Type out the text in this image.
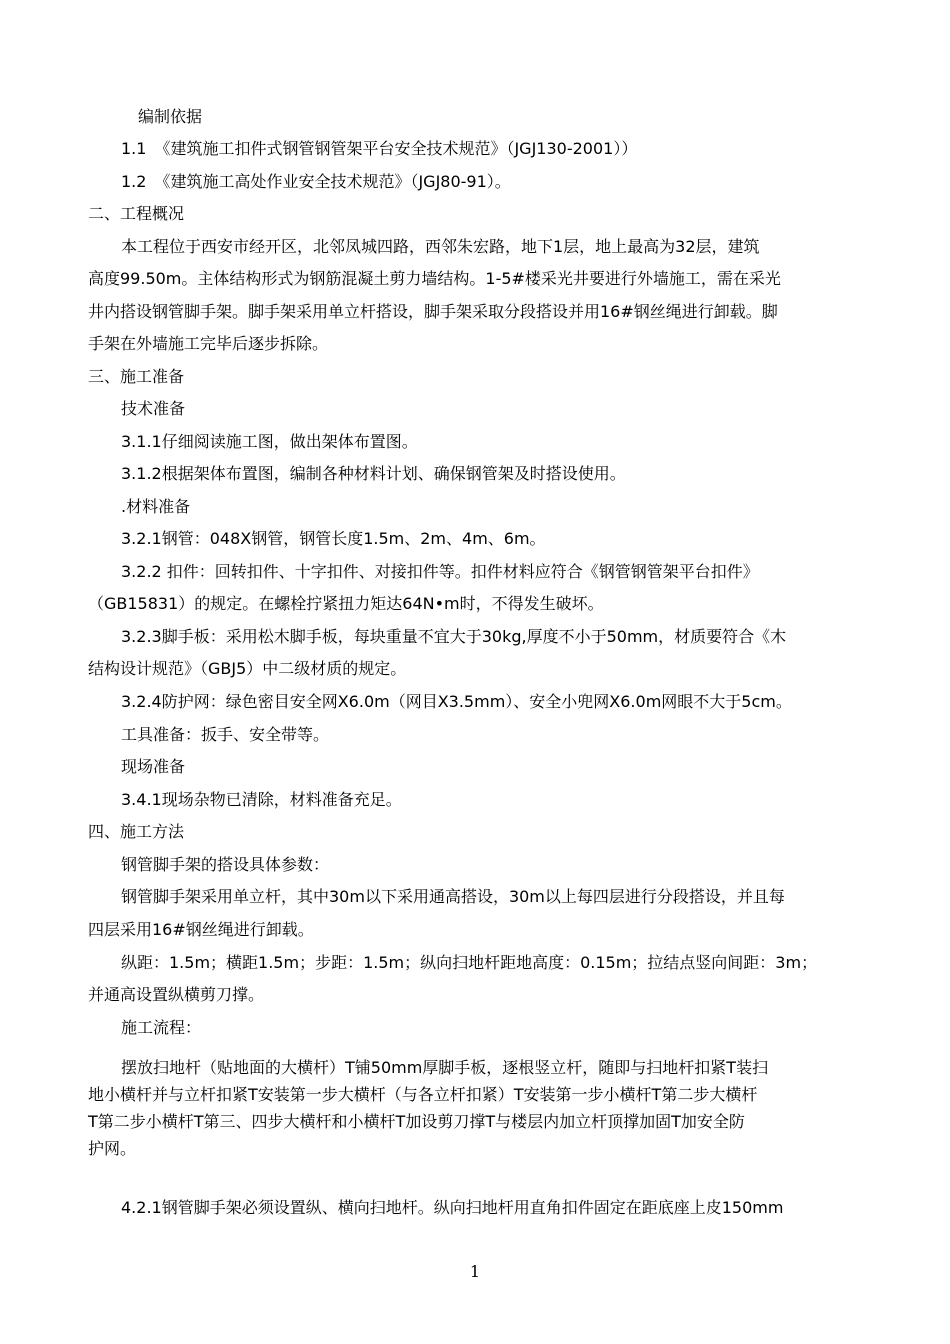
编制依据
1.1　《建筑施工扣件式钢管钢管架平台安全技术规范》（JGJ130-2001））
1.2　《建筑施工高处作业安全技术规范》（JGJ80-91）。
二、工程概况
本工程位于西安市经开区，北邻凤城四路，西邻朱宏路，地下1层，地上最高为32层，建筑
高度99.50m。主体结构形式为钢筋混凝土剪力墙结构。1-5#楼采光井要进行外墙施工，需在采光
井内搭设钢管脚手架。脚手架采用单立杆搭设，脚手架采取分段搭设并用16#钢丝绳进行卸载。脚
手架在外墙施工完毕后逐步拆除。
三、施工准备
技术准备
3.1.1仔细阅读施工图，做出架体布置图。
3.1.2根据架体布置图，编制各种材料计划、确保钢管架及时搭设使用。
.材料准备
3.2.1钢管：048X钢管，钢管长度1.5m、2m、4m、6m。
3.2.2 扣件：回转扣件、十字扣件、对接扣件等。扣件材料应符合《钢管钢管架平台扣件》
（GB15831）的规定。在螺栓拧紧扭力矩达64N•m时，不得发生破坏。
3.2.3脚手板：采用松木脚手板，每块重量不宜大于30kg,厚度不小于50mm，材质要符合《木
结构设计规范》（GBJ5）中二级材质的规定。
3.2.4防护网：绿色密目安全网X6.0m（网目X3.5mm）、安全小兜网X6.0m网眼不大于5cm。
工具准备：扳手、安全带等。
现场准备
3.4.1现场杂物已清除，材料准备充足。
四、施工方法
钢管脚手架的搭设具体参数：
钢管脚手架采用单立杆，其中30m以下采用通高搭设，30m以上每四层进行分段搭设，并且每
四层采用16#钢丝绳进行卸载。
纵距：1.5m；横距1.5m；步距：1.5m；纵向扫地杆距地高度：0.15m；拉结点竖向间距：3m；
并通高设置纵横剪刀撑。
施工流程：
摆放扫地杆（贴地面的大横杆）T铺50mm厚脚手板，逐根竖立杆，随即与扫地杆扣紧T装扫
地小横杆并与立杆扣紧T安装第一步大横杆（与各立杆扣紧）T安装第一步小横杆T第二步大横杆
T第二步小横杆T第三、四步大横杆和小横杆T加设剪刀撑T与楼层内加立杆顶撑加固T加安全防
护网。
4.2.1钢管脚手架必须设置纵、横向扫地杆。纵向扫地杆用直角扣件固定在距底座上皮150mm
1
